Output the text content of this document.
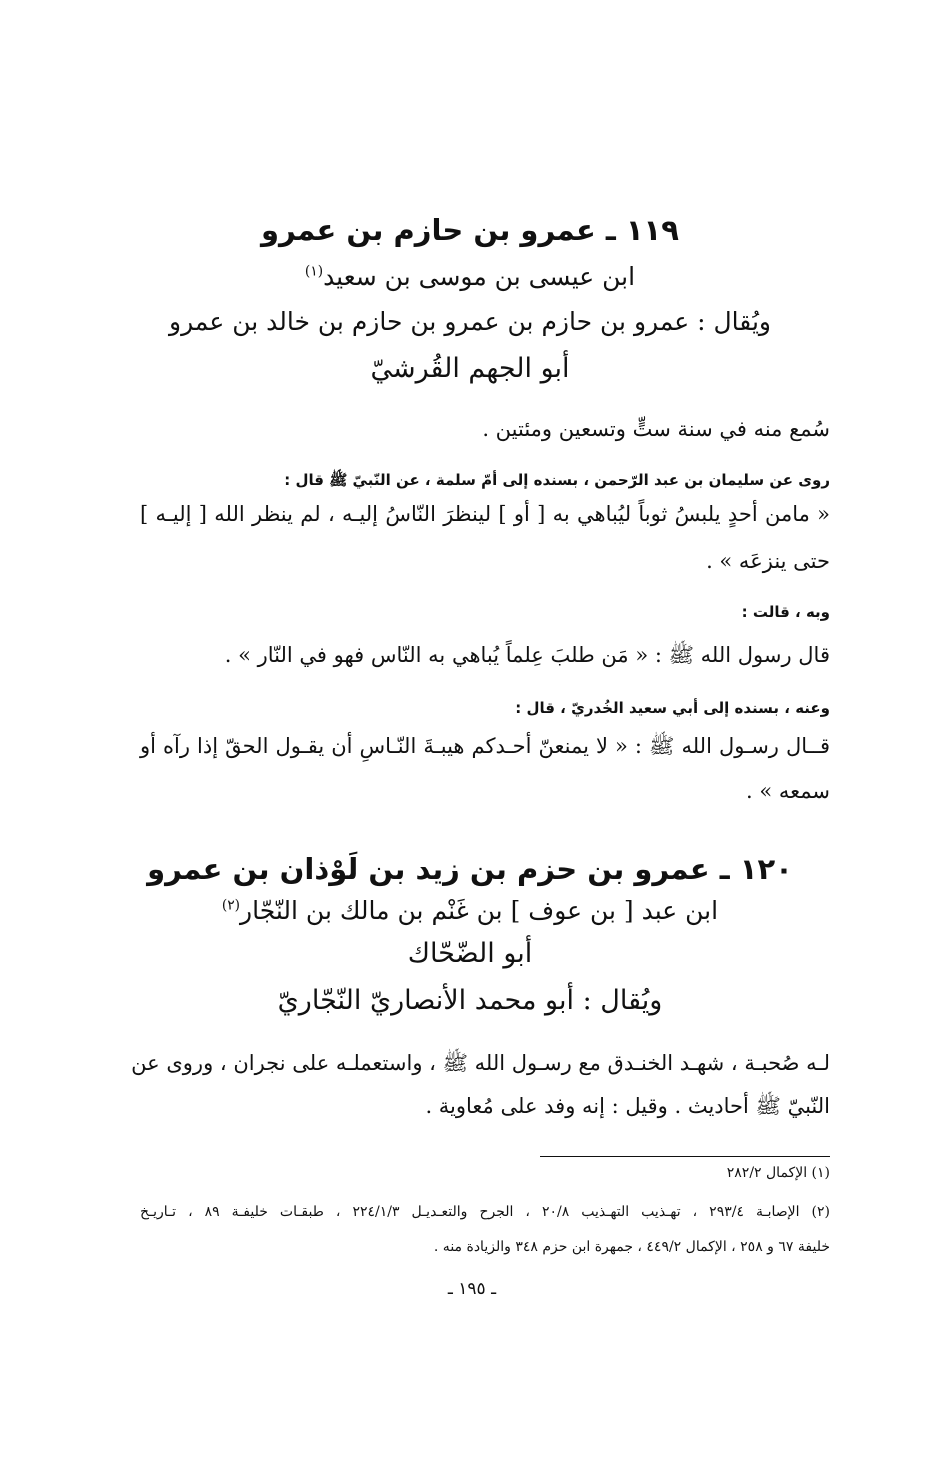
١١٩ ـ عمرو بن حازم بن عمرو
ابن عيسى بن موسى بن سعيد$^{(١)}$
ويُقال : عمرو بن حازم بن عمرو بن حازم بن خالد بن عمرو
أبو الجهم القُرشيّ
سُمع منه في سنة ستٍّ وتسعين ومئتين .
روى عن سليمان بن عبد الرّحمن ، بسنده إلى أمّ سلمة ، عن النّبيّ ﷺ قال :
« مامن أحدٍ يلبسُ ثوباً ليُباهي به [ أو ] لينظرَ النّاسُ إليـه ، لم ينظر الله [ إليـه ]
حتى ينزعَه » .
وبه ، قالت :
قال رسول الله ﷺ : « مَن طلبَ عِلماً يُباهي به النّاس فهو في النّار » .
وعنه ، بسنده إلى أبي سعيد الخُدريّ ، قال :
قــال رسـول الله ﷺ : « لا يمنعنّ أحـدكم هيبـةَ النّـاسِ أن يقـول الحقّ إذا رآه أو
سمعه » .
١٢٠ ـ عمرو بن حزم بن زيد بن لَوْذان بن عمرو
ابن عبد [ بن عوف ] بن غَنْم بن مالك بن النّجّار$^{(٢)}$
أبو الضّحّاك
ويُقال : أبو محمد الأنصاريّ النّجّاريّ
لـه صُحبـة ، شهـد الخنـدق مع رسـول الله ﷺ ، واستعملـه على نجران ، وروى عن
النّبيّ ﷺ أحاديث . وقيل : إنه وفد على مُعاوية .
(١) الإكمال ٢٨٢/٢
(٢) الإصابـة ٢٩٣/٤ ، تهـذيب التهـذيب ٢٠/٨ ، الجرح والتعـديـل ٢٢٤/١/٣ ، طبقـات خليفـة ٨٩ ، تـاريـخ
خليفة ٦٧ و ٢٥٨ ، الإكمال ٤٤٩/٢ ، جمهرة ابن حزم ٣٤٨ والزيادة منه .
ـ ١٩٥ ـ
